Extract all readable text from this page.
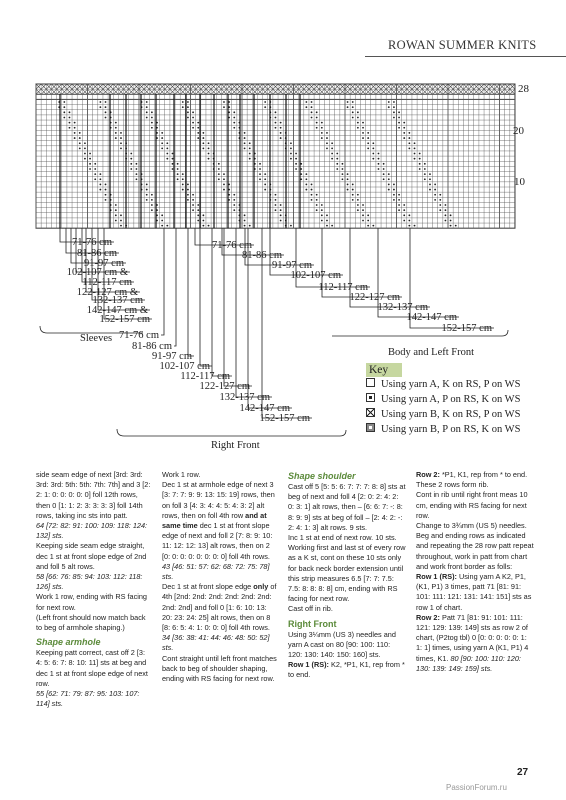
ROWAN SUMMER KNITS
28
20
10
71-76 cm
81-86 cm
91-97 cm
102-107 cm &
112-117 cm
122-127 cm &
132-137 cm
142-147 cm &
152-157 cm
71-76 cm
81-86 cm
91-97 cm
102-107 cm
112-117 cm
122-127 cm
132-137 cm
142-147 cm
152-157 cm
71-76 cm
81-86 cm
91-97 cm
102-107 cm
112-117 cm
122-127 cm
132-137 cm
142-147 cm
152-157 cm
Sleeves
Body and Left Front
Right Front
Key
Using yarn A, K on RS, P on WS
Using yarn A, P on RS, K on WS
Using yarn B, K on RS, P on WS
Using yarn B, P on RS, K on WS

side seam edge of next [3rd: 3rd: 3rd: 3rd: 5th: 5th: 7th: 7th] and 3 [2: 2: 1: 0: 0: 0: 0: 0] foll 12th rows, then 0 [1: 1: 2: 3: 3: 3: 3] foll 14th rows, taking inc sts into patt.

64 [72: 82: 91: 100: 109: 118: 124: 132] sts.

Keeping side seam edge straight, dec 1 st at front slope edge of 2nd and foll 5 alt rows.

58 [66: 76: 85: 94: 103: 112: 118: 126] sts.

Work 1 row, ending with RS facing for next row.

(Left front should now match back to beg of armhole shaping.)

Shape armhole

Keeping patt correct, cast off 2 [3: 4: 5: 6: 7: 8: 10: 11] sts at beg and dec 1 st at front slope edge of next row.

55 [62: 71: 79: 87: 95: 103: 107: 114] sts.

Work 1 row.

Dec 1 st at armhole edge of next 3 [3: 7: 7: 9: 9: 13: 15: 19] rows, then on foll 3 [4: 3: 4: 4: 5: 4: 3: 2] alt rows, then on foll 4th row and at same time dec 1 st at front slope edge of next and foll 2 [7: 8: 9: 10: 11: 12: 12: 13] alt rows, then on 2 [0: 0: 0: 0: 0: 0: 0: 0] foll 4th rows. 43 [46: 51: 57: 62: 68: 72: 75: 78] sts.

Dec 1 st at front slope edge only of 4th [2nd: 2nd: 2nd: 2nd: 2nd: 2nd: 2nd: 2nd] and foll 0 [1: 6: 10: 13: 20: 23: 24: 25] alt rows, then on 8 [8: 6: 5: 4: 1: 0: 0: 0] foll 4th rows. 34 [36: 38: 41: 44: 46: 48: 50: 52] sts.

Cont straight until left front matches back to beg of shoulder shaping, ending with RS facing for next row.

Shape shoulder

Cast off 5 [5: 5: 6: 7: 7: 7: 8: 8] sts at beg of next and foll 4 [2: 0: 2: 4: 2: 0: 3: 1] alt rows, then – [6: 6: 7: -: 8: 8: 9: 9] sts at beg of foll – [2: 4: 2: -: 2: 4: 1: 3] alt rows. 9 sts.

Inc 1 st at end of next row. 10 sts.

Working first and last st of every row as a K st, cont on these 10 sts only for back neck border extension until this strip measures 6.5 [7: 7: 7.5: 7.5: 8: 8: 8: 8] cm, ending with RS facing for next row.

Cast off in rib.

Right Front

Using 3¼mm (US 3) needles and yarn A cast on 80 [90: 100: 110: 120: 130: 140: 150: 160] sts.

Row 1 (RS): K2, *P1, K1, rep from * to end.

Row 2: *P1, K1, rep from * to end.

These 2 rows form rib.

Cont in rib until right front meas 10 cm, ending with RS facing for next row.

Change to 3¾mm (US 5) needles.

Beg and ending rows as indicated and repeating the 28 row patt repeat throughout, work in patt from chart and work front border as folls:

Row 1 (RS): Using yarn A K2, P1, (K1, P1) 3 times, patt 71 [81: 91: 101: 111: 121: 131: 141: 151] sts as row 1 of chart.

Row 2: Patt 71 [81: 91: 101: 111: 121: 129: 139: 149] sts as row 2 of chart, (P2tog tbl) 0 [0: 0: 0: 0: 0: 1: 1: 1] times, using yarn A (K1, P1) 4 times, K1. 80 [90: 100: 110: 120: 130: 139: 149: 159] sts.

27
PassionForum.ru
